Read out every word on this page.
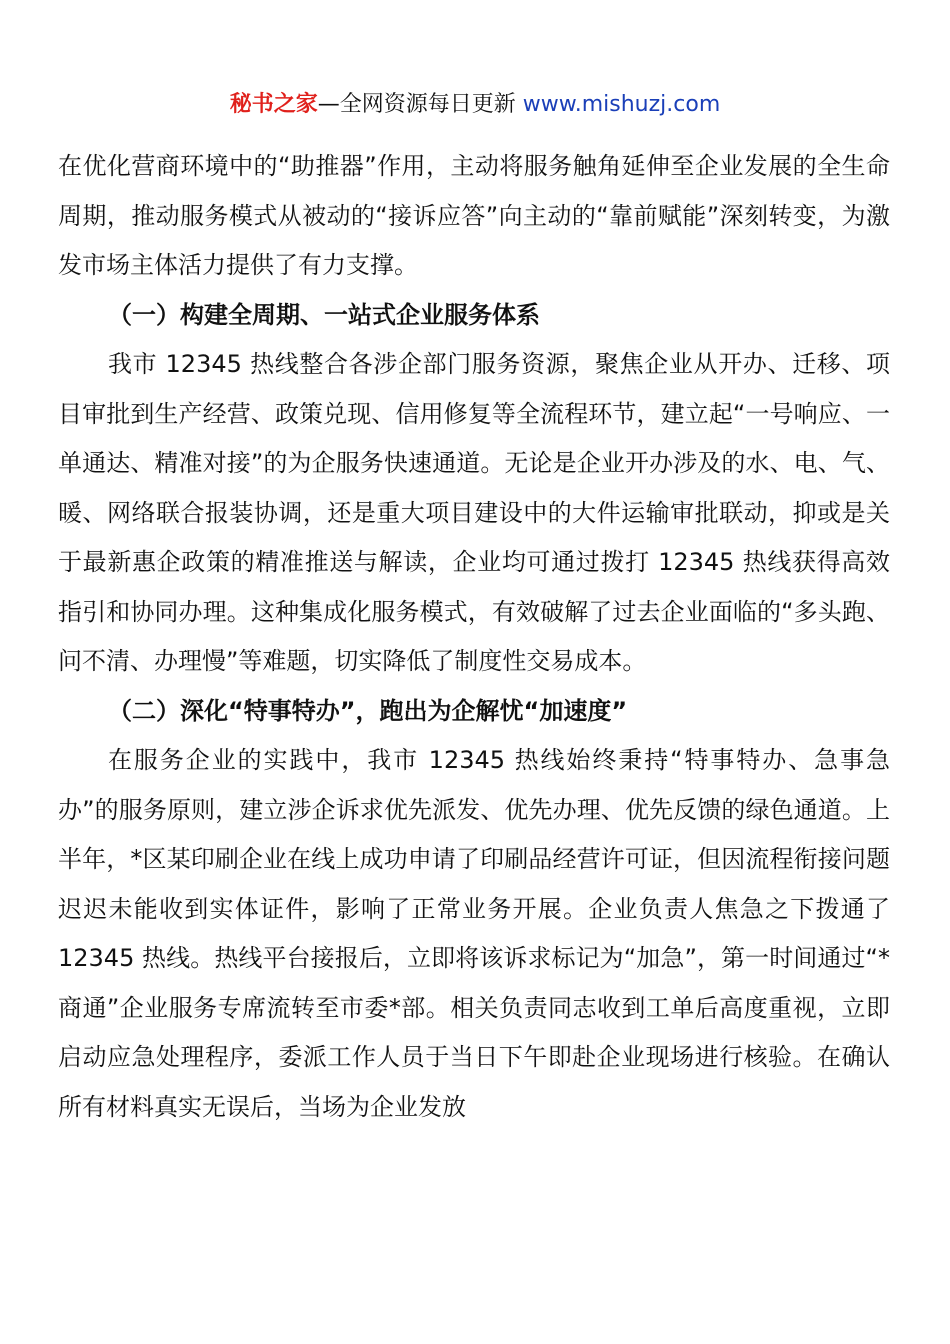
秘书之家—全网资源每日更新 www.mishuzj.com

在优化营商环境中的“助推器”作用，主动将服务触角延伸至企业发展的全生命周期，推动服务模式从被动的“接诉应答”向主动的“靠前赋能”深刻转变，为激发市场主体活力提供了有力支撑。

（一）构建全周期、一站式企业服务体系

我市 12345 热线整合各涉企部门服务资源，聚焦企业从开办、迁移、项目审批到生产经营、政策兑现、信用修复等全流程环节，建立起“一号响应、一单通达、精准对接”的为企服务快速通道。无论是企业开办涉及的水、电、气、暖、网络联合报装协调，还是重大项目建设中的大件运输审批联动，抑或是关于最新惠企政策的精准推送与解读，企业均可通过拨打 12345 热线获得高效指引和协同办理。这种集成化服务模式，有效破解了过去企业面临的“多头跑、问不清、办理慢”等难题，切实降低了制度性交易成本。

（二）深化“特事特办”，跑出为企解忧“加速度”

在服务企业的实践中，我市 12345 热线始终秉持“特事特办、急事急办”的服务原则，建立涉企诉求优先派发、优先办理、优先反馈的绿色通道。上半年，*区某印刷企业在线上成功申请了印刷品经营许可证，但因流程衔接问题迟迟未能收到实体证件，影响了正常业务开展。企业负责人焦急之下拨通了 12345 热线。热线平台接报后，立即将该诉求标记为“加急”，第一时间通过“*商通”企业服务专席流转至市委*部。相关负责同志收到工单后高度重视，立即启动应急处理程序，委派工作人员于当日下午即赴企业现场进行核验。在确认所有材料真实无误后，当场为企业发放
